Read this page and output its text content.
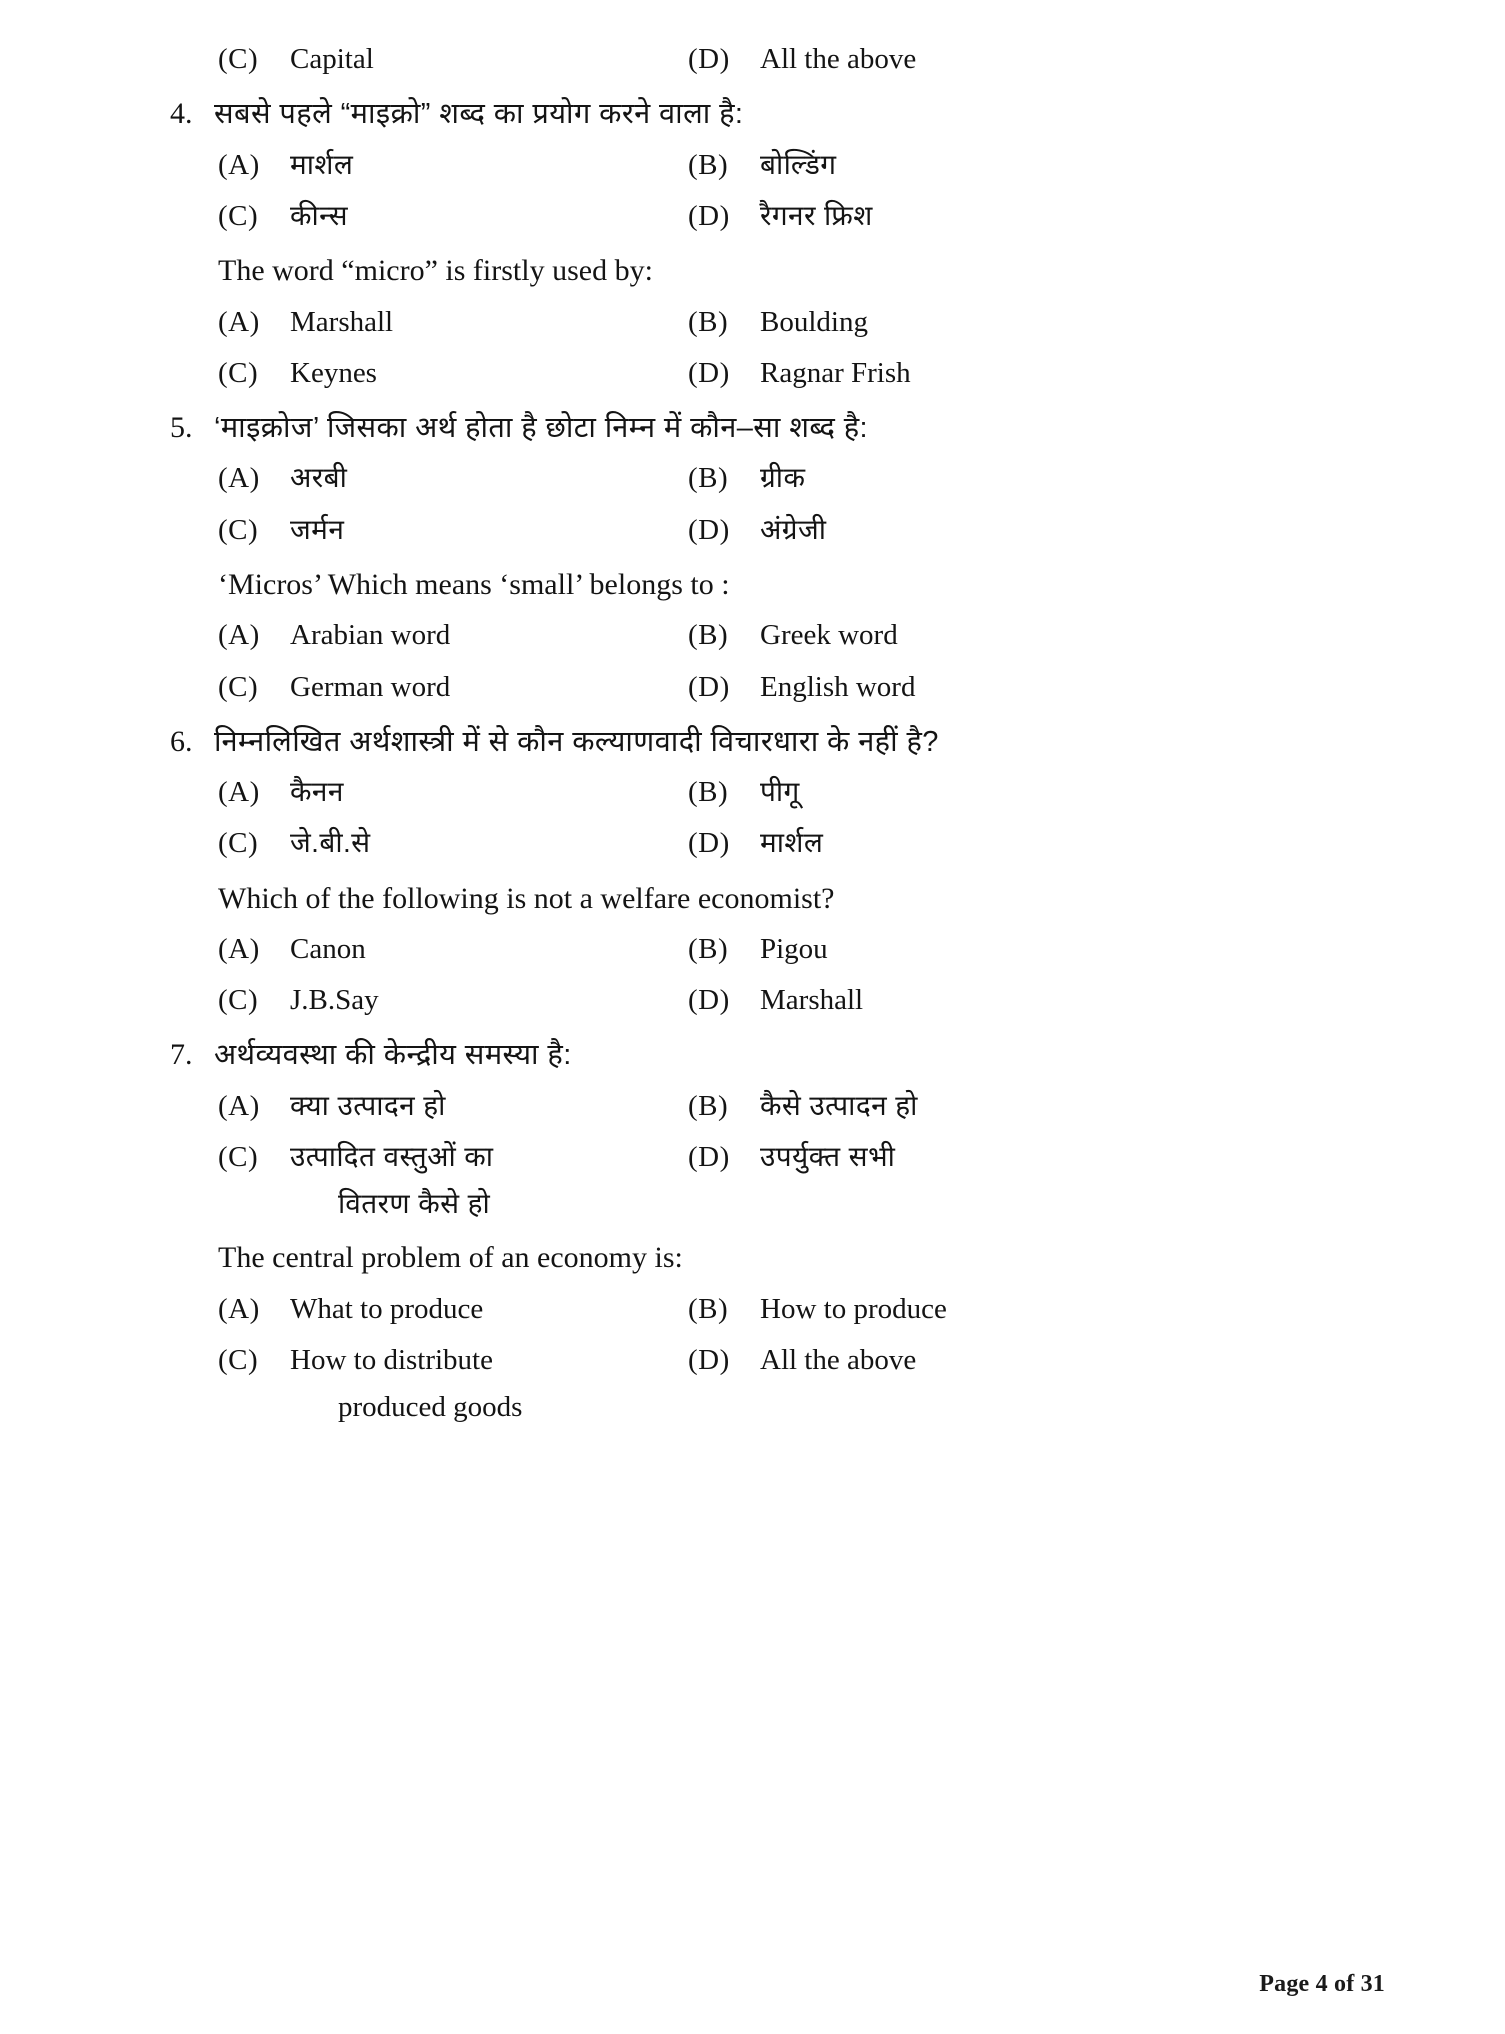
(C)	Capital	(D)	All the above
4. सबसे पहले “माइक्रो” शब्द का प्रयोग करने वाला है:
(A)	मार्शल	(B)	बोल्डिंग
(C)	कीन्स	(D)	रैगनर फ्रिश
The word “micro” is firstly used by:
(A)	Marshall	(B)	Boulding
(C)	Keynes	(D)	Ragnar Frish
5. ‘माइक्रोज’ जिसका अर्थ होता है छोटा निम्न में कौन–सा शब्द है:
(A)	अरबी	(B)	ग्रीक
(C)	जर्मन	(D)	अंग्रेजी
‘Micros’ Which means ‘small’ belongs to :
(A)	Arabian word	(B)	Greek word
(C)	German word	(D)	English word
6. निम्नलिखित अर्थशास्त्री में से कौन कल्याणवादी विचारधारा के नहीं है?
(A)	कैनन	(B)	पीगू
(C)	जे.बी.से	(D)	मार्शल
Which of the following is not a welfare economist?
(A)	Canon	(B)	Pigou
(C)	J.B.Say	(D)	Marshall
7. अर्थव्यवस्था की केन्द्रीय समस्या है:
(A)	क्या उत्पादन हो	(B)	कैसे उत्पादन हो
(C)	उत्पादित वस्तुओं का	(D)	उपर्युक्त सभी
वितरण कैसे हो
The central problem of an economy is:
(A)	What to produce	(B)	How to produce
(C)	How to distribute	(D)	All the above
produced goods
Page 4 of 31
